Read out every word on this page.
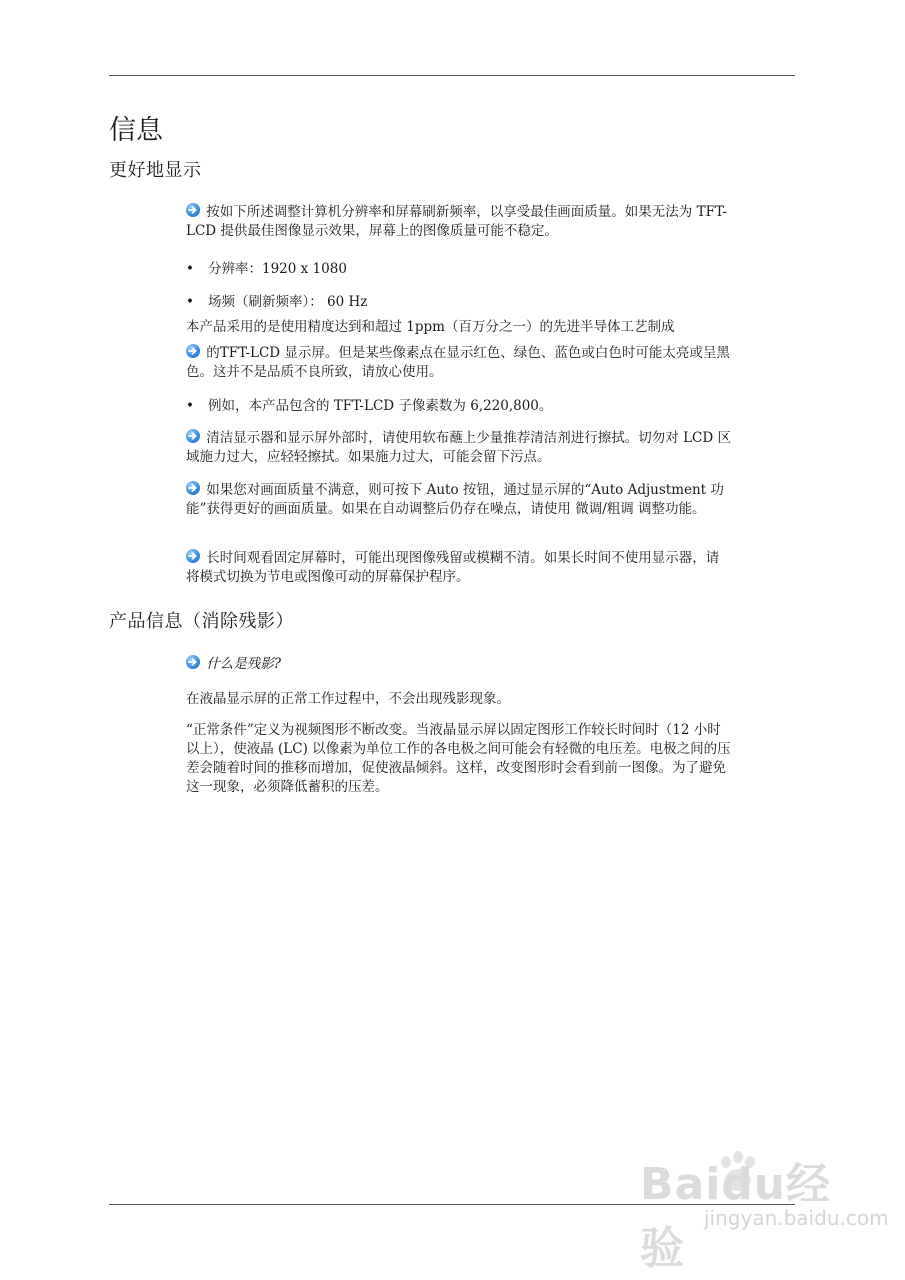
信息
更好地显示
按如下所述调整计算机分辨率和屏幕刷新频率，以享受最佳画面质量。如果无法为 TFT-LCD 提供最佳图像显示效果，屏幕上的图像质量可能不稳定。
• 分辨率：1920 x 1080
• 场频（刷新频率）： 60 Hz
本产品采用的是使用精度达到和超过 1ppm（百万分之一）的先进半导体工艺制成
的TFT-LCD 显示屏。但是某些像素点在显示红色、绿色、蓝色或白色时可能太亮或呈黑色。这并不是品质不良所致，请放心使用。
• 例如，本产品包含的 TFT-LCD 子像素数为 6,220,800。
清洁显示器和显示屏外部时，请使用软布蘸上少量推荐清洁剂进行擦拭。切勿对 LCD 区域施力过大，应轻轻擦拭。如果施力过大，可能会留下污点。
如果您对画面质量不满意，则可按下 Auto 按钮，通过显示屏的“Auto Adjustment 功能”获得更好的画面质量。如果在自动调整后仍存在噪点，请使用 微调/粗调 调整功能。
长时间观看固定屏幕时，可能出现图像残留或模糊不清。如果长时间不使用显示器，请将模式切换为节电或图像可动的屏幕保护程序。
产品信息（消除残影）
什么是残影?
在液晶显示屏的正常工作过程中，不会出现残影现象。
“正常条件”定义为视频图形不断改变。当液晶显示屏以固定图形工作较长时间时（12 小时以上），使液晶 (LC) 以像素为单位工作的各电极之间可能会有轻微的电压差。电极之间的压差会随着时间的推移而增加，促使液晶倾斜。这样，改变图形时会看到前一图像。为了避免这一现象，必须降低蓄积的压差。
Baidu经验
jingyan.baidu.com
